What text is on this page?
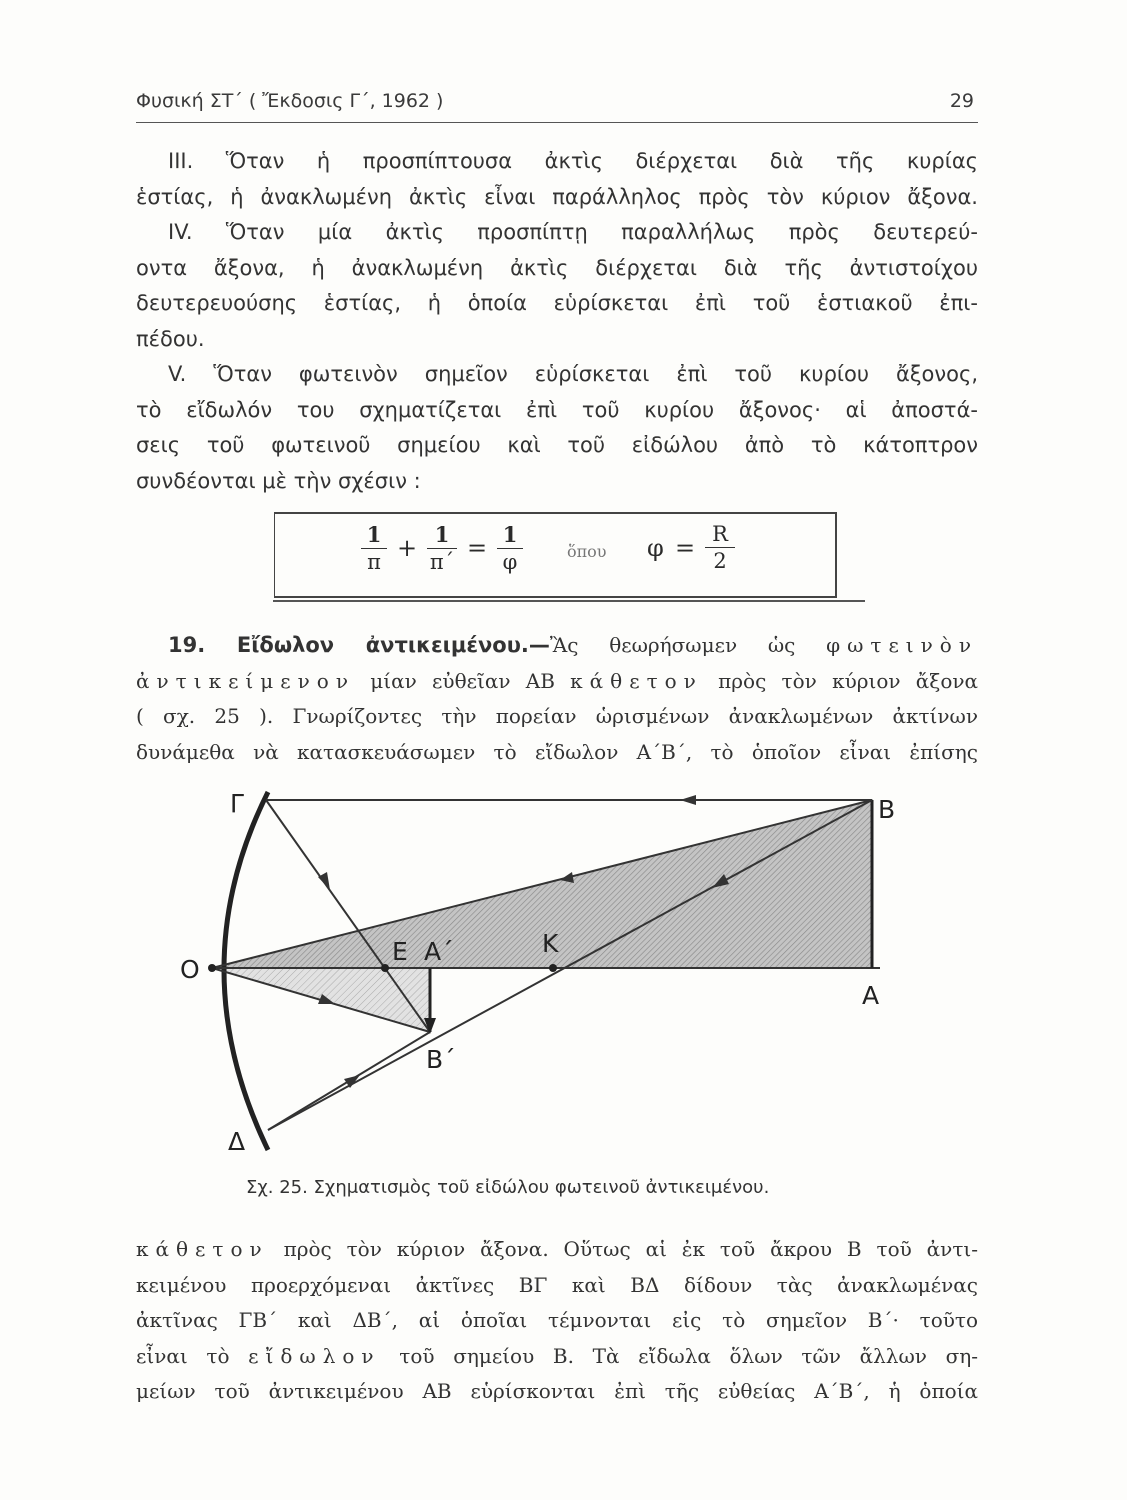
Φυσική ΣΤ΄ ( Ἔκδοσις Γ΄, 1962 )	29
ΙΙΙ. Ὅταν ἡ προσπίπτουσα ἀκτὶς διέρχεται διὰ τῆς κυρίας
ἑστίας, ἡ ἀνακλωμένη ἀκτὶς εἶναι παράλληλος πρὸς τὸν κύριον ἄξονα.
IV. Ὅταν μία ἀκτὶς προσπίπτῃ παραλλήλως πρὸς δευτερεύ-
οντα ἄξονα, ἡ ἀνακλωμένη ἀκτὶς διέρχεται διὰ τῆς ἀντιστοίχου
δευτερευούσης ἑστίας, ἡ ὁποία εὑρίσκεται ἐπὶ τοῦ ἑστιακοῦ ἐπι-
πέδου.
V. Ὅταν φωτεινὸν σημεῖον εὑρίσκεται ἐπὶ τοῦ κυρίου ἄξονος,
τὸ εἴδωλόν του σχηματίζεται ἐπὶ τοῦ κυρίου ἄξονος· αἱ ἀποστά-
σεις τοῦ φωτεινοῦ σημείου καὶ τοῦ εἰδώλου ἀπὸ τὸ κάτοπτρον
συνδέονται μὲ τὴν σχέσιν :
$\frac{1}{\pi} + \frac{1}{\pi΄} = \frac{1}{\varphi}$	ὅπου $\varphi = \frac{R}{2}$
19. Εἴδωλον ἀντικειμένου.—Ἂς θεωρήσωμεν ὡς φωτεινὸν
ἀντικείμενον μίαν εὐθεῖαν ΑΒ κάθετον πρὸς τὸν κύριον ἄξονα
( σχ. 25 ). Γνωρίζοντες τὴν πορείαν ὡρισμένων ἀνακλωμένων ἀκτίνων
δυνάμεθα νὰ κατασκευάσωμεν τὸ εἴδωλον Α΄Β΄, τὸ ὁποῖον εἶναι ἐπίσης
Γ	B
O
E A΄	K
A
B΄
Δ
Σχ. 25. Σχηματισμὸς τοῦ εἰδώλου φωτεινοῦ ἀντικειμένου.
κάθετον πρὸς τὸν κύριον ἄξονα. Οὕτως αἱ ἐκ τοῦ ἄκρου Β τοῦ ἀντι-
κειμένου προερχόμεναι ἀκτῖνες ΒΓ καὶ ΒΔ δίδουν τὰς ἀνακλωμένας
ἀκτῖνας ΓΒ΄ καὶ ΔΒ΄, αἱ ὁποῖαι τέμνονται εἰς τὸ σημεῖον Β΄· τοῦτο
εἶναι τὸ εἴδωλον τοῦ σημείου Β. Τὰ εἴδωλα ὅλων τῶν ἄλλων ση-
μείων τοῦ ἀντικειμένου ΑΒ εὑρίσκονται ἐπὶ τῆς εὐθείας Α΄Β΄, ἡ ὁποία
